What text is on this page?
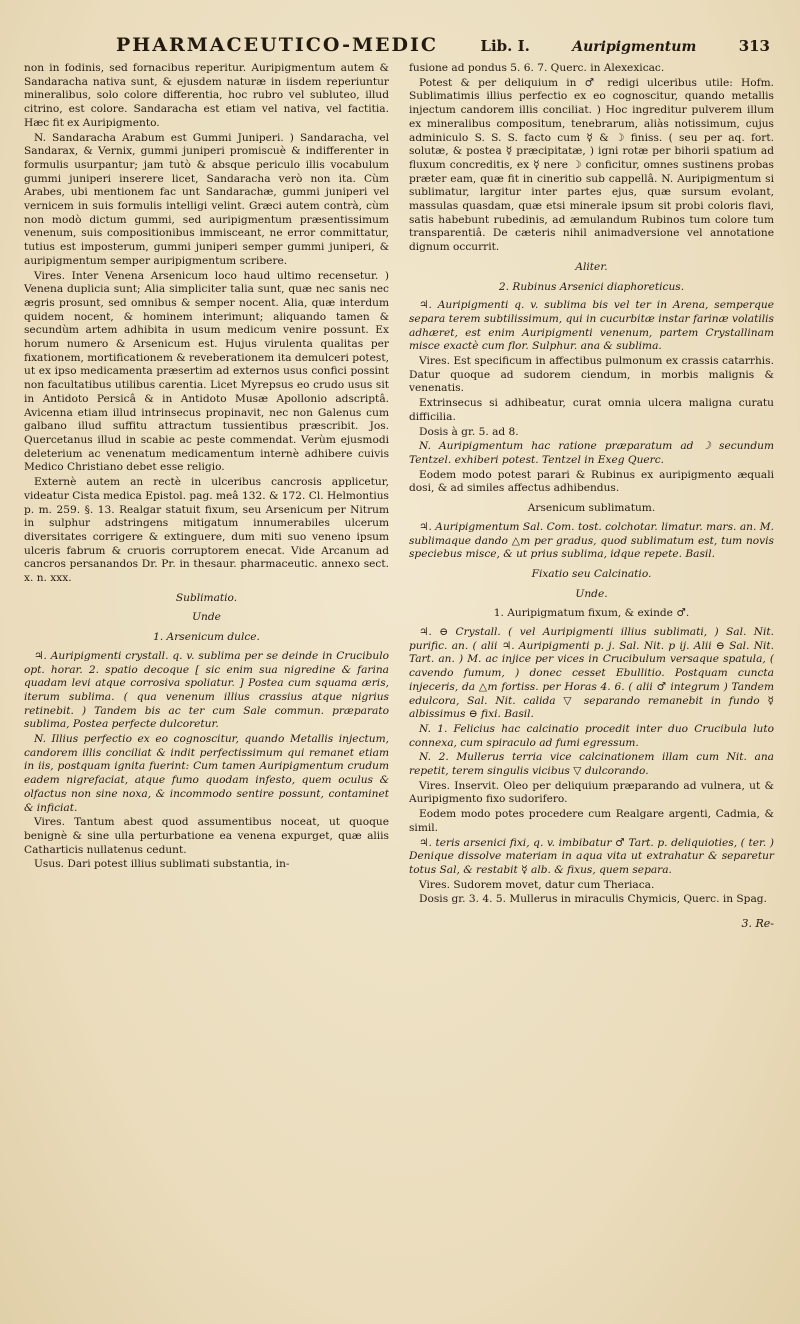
PHARMACEUTICO-MEDIC	Lib. I.	Auripigmentum	313

non in fodinis, sed fornacibus reperitur. Auripigmentum autem & Sandaracha nativa sunt, & ejusdem naturæ in iisdem reperiuntur mineralibus, solo colore differentia, hoc rubro vel subluteo, illud citrino, est colore. Sandaracha est etiam vel nativa, vel factitia. Hæc fit ex Auripigmento.

N. Sandaracha Arabum est Gummi Juniperi. ) Sandaracha, vel Sandarax, & Vernix, gummi juniperi promiscuè & indifferenter in formulis usurpantur; jam tutò & absque periculo illis vocabulum gummi juniperi inserere licet, Sandaracha verò non ita. Cùm Arabes, ubi mentionem fac unt Sandarachæ, gummi juniperi vel vernicem in suis formulis intelligi velint. Græci autem contrà, cùm non modò dictum gummi, sed auripigmentum præsentissimum venenum, suis compositionibus immisceant, ne error committatur, tutius est imposterum, gummi juniperi semper gummi juniperi, & auripigmentum semper auripigmentum scribere.

Vires. Inter Venena Arsenicum loco haud ultimo recensetur. ) Venena duplicia sunt; Alia simpliciter talia sunt, quæ nec sanis nec ægris prosunt, sed omnibus & semper nocent. Alia, quæ interdum quidem nocent, & hominem interimunt; aliquando tamen & secundùm artem adhibita in usum medicum venire possunt. Ex horum numero & Arsenicum est. Hujus virulenta qualitas per fixationem, mortificationem & reveberationem ita demulceri potest, ut ex ipso medicamenta præsertim ad externos usus confici possint non facultatibus utilibus carentia. Licet Myrepsus eo crudo usus sit in Antidoto Persicâ & in Antidoto Musæ Apollonio adscriptâ. Avicenna etiam illud intrinsecus propinavit, nec non Galenus cum galbano illud suffitu attractum tussientibus præscribit. Jos. Quercetanus illud in scabie ac peste commendat. Verùm ejusmodi deleterium ac venenatum medicamentum internè adhibere cuivis Medico Christiano debet esse religio.

Externè autem an rectè in ulceribus cancrosis applicetur, videatur Cista medica Epistol. pag. meâ 132. & 172. Cl. Helmontius p. m. 259. §. 13. Realgar statuit fixum, seu Arsenicum per Nitrum in sulphur adstringens mitigatum innumerabiles ulcerum diversitates corrigere & extinguere, dum miti suo veneno ipsum ulceris fabrum & cruoris corruptorem enecat. Vide Arcanum ad cancros persanandos Dr. Pr. in thesaur. pharmaceutic. annexo sect. x. n. xxx.

Sublimatio.

Unde

1. Arsenicum dulce.

♃. Auripigmenti crystall. q. v. sublima per se deinde in Crucibulo opt. horar. 2. spatio decoque [ sic enim sua nigredine & farina quadam levi atque corrosiva spoliatur. ] Postea cum squama æris, iterum sublima. ( qua venenum illius crassius atque nigrius retinebit. ) Tandem bis ac ter cum Sale commun. præparato sublima, Postea perfecte dulcoretur.

N. Illius perfectio ex eo cognoscitur, quando Metallis injectum, candorem illis conciliat & indit perfectissimum qui remanet etiam in iis, postquam ignita fuerint: Cum tamen Auripigmentum crudum eadem nigrefaciat, atque fumo quodam infesto, quem oculus & olfactus non sine noxa, & incommodo sentire possunt, contaminet & inficiat.

Vires. Tantum abest quod assumentibus noceat, ut quoque benignè & sine ulla perturbatione ea venena expurget, quæ aliis Catharticis nullatenus cedunt.

Usus. Dari potest illius sublimati substantia, in-

fusione ad pondus 5. 6. 7. Querc. in Alexexicac.

Potest & per deliquium in ♂ redigi ulceribus utile: Hofm. Sublimatimis illius perfectio ex eo cognoscitur, quando metallis injectum candorem illis conciliat. ) Hoc ingreditur pulverem illum ex mineralibus compositum, tenebrarum, aliàs notissimum, cujus adminiculo S. S. S. facto cum ☿ & ☽ finiss. ( seu per aq. fort. solutæ, & postea ☿ præcipitatæ, ) igni rotæ per bihorii spatium ad fluxum concreditis, ex ☿ nere ☽ conficitur, omnes sustinens probas præter eam, quæ fit in cineritio sub cappellâ. N. Auripigmentum si sublimatur, largitur inter partes ejus, quæ sursum evolant, massulas quasdam, quæ etsi minerale ipsum sit probi coloris flavi, satis habebunt rubedinis, ad æmulandum Rubinos tum colore tum transparentiâ. De cæteris nihil animadversione vel annotatione dignum occurrit.

Aliter.

2. Rubinus Arsenici diaphoreticus.

♃. Auripigmenti q. v. sublima bis vel ter in Arena, semperque separa terem subtilissimum, qui in cucurbitæ instar farinæ volatilis adhæret, est enim Auripigmenti venenum, partem Crystallinam misce exactè cum flor. Sulphur. ana & sublima.

Vires. Est specificum in affectibus pulmonum ex crassis catarrhis. Datur quoque ad sudorem ciendum, in morbis malignis & venenatis.

Extrinsecus si adhibeatur, curat omnia ulcera maligna curatu difficilia.

Dosis à gr. 5. ad 8.

N. Auripigmentum hac ratione præparatum ad ☽ secundum Tentzel. exhiberi potest. Tentzel in Exeg Querc.

Eodem modo potest parari & Rubinus ex auripigmento æquali dosi, & ad similes affectus adhibendus.

Arsenicum sublimatum.

♃. Auripigmentum Sal. Com. tost. colchotar. limatur. mars. an. M. sublimaque dando △m per gradus, quod sublimatum est, tum novis speciebus misce, & ut prius sublima, idque repete. Basil.

Fixatio seu Calcinatio.

Unde.

1. Auripigmatum fixum, & exinde ♂.

♃. ⊖ Crystall. ( vel Auripigmenti illius sublimati, ) Sal. Nit. purific. an. ( alii ♃. Auripigmenti p. j. Sal. Nit. p ij. Alii ⊖ Sal. Nit. Tart. an. ) M. ac injice per vices in Crucibulum versaque spatula, ( cavendo fumum, ) donec cesset Ebullitio. Postquam cuncta injeceris, da △m fortiss. per Horas 4. 6. ( alii ♂ integrum ) Tandem edulcora, Sal. Nit. calida ▽ separando remanebit in fundo ☿ albissimus ⊖ fixi. Basil.

N. 1. Felicius hac calcinatio procedit inter duo Crucibula luto connexa, cum spiraculo ad fumi egressum.

N. 2. Mullerus terria vice calcinationem illam cum Nit. ana repetit, terem singulis vicibus ▽ dulcorando.

Vires. Inservit. Oleo per deliquium præparando ad vulnera, ut & Auripigmento fixo sudorifero.

Eodem modo potes procedere cum Realgare argenti, Cadmia, & simil.

♃. teris arsenici fixi, q. v. imbibatur ♂ Tart. p. deliquioties, ( ter. ) Denique dissolve materiam in aqua vita ut extrahatur & separetur totus Sal, & restabit ☿ alb. & fixus, quem separa.

Vires. Sudorem movet, datur cum Theriaca.

Dosis gr. 3. 4. 5. Mullerus in miraculis Chymicis, Querc. in Spag.

3. Re-
